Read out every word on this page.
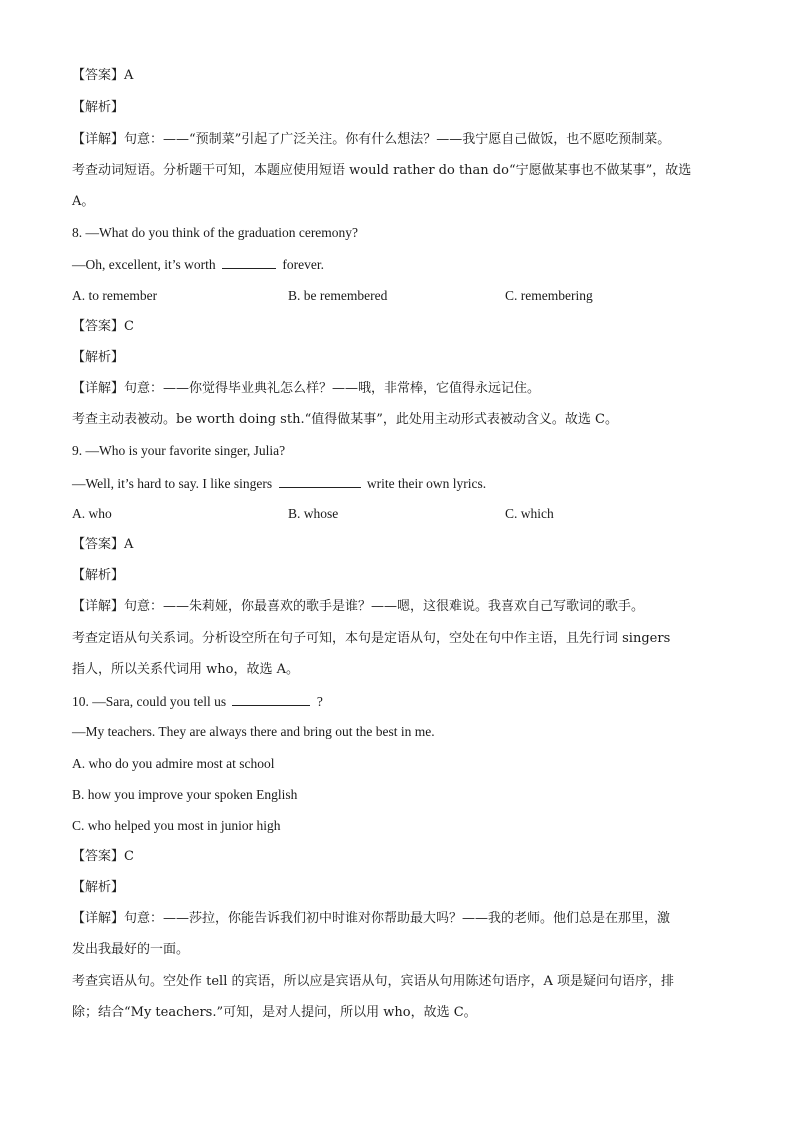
【答案】A
【解析】
【详解】句意：——“预制菜”引起了广泛关注。你有什么想法？——我宁愿自己做饭，也不愿吃预制菜。
考查动词短语。分析题干可知，本题应使用短语 would rather do than do“宁愿做某事也不做某事”，故选
A。
8. —What do you think of the graduation ceremony?
—Oh, excellent, it’s worth	forever.
A. to remember	B. be remembered	C. remembering
【答案】C
【解析】
【详解】句意：——你觉得毕业典礼怎么样？——哦，非常棒，它值得永远记住。
考查主动表被动。be worth doing sth.“值得做某事”，此处用主动形式表被动含义。故选 C。
9. —Who is your favorite singer, Julia?
—Well, it’s hard to say. I like singers	write their own lyrics.
A. who	B. whose	C. which
【答案】A
【解析】
【详解】句意：——朱莉娅，你最喜欢的歌手是谁？——嗯，这很难说。我喜欢自己写歌词的歌手。
考查定语从句关系词。分析设空所在句子可知，本句是定语从句，空处在句中作主语，且先行词 singers
指人，所以关系代词用 who，故选 A。
10. —Sara, could you tell us	?
—My teachers. They are always there and bring out the best in me.
A. who do you admire most at school
B. how you improve your spoken English
C. who helped you most in junior high
【答案】C
【解析】
【详解】句意：——莎拉，你能告诉我们初中时谁对你帮助最大吗？——我的老师。他们总是在那里，激
发出我最好的一面。
考查宾语从句。空处作 tell 的宾语，所以应是宾语从句，宾语从句用陈述句语序，A 项是疑问句语序，排
除；结合“My teachers.”可知，是对人提问，所以用 who，故选 C。
